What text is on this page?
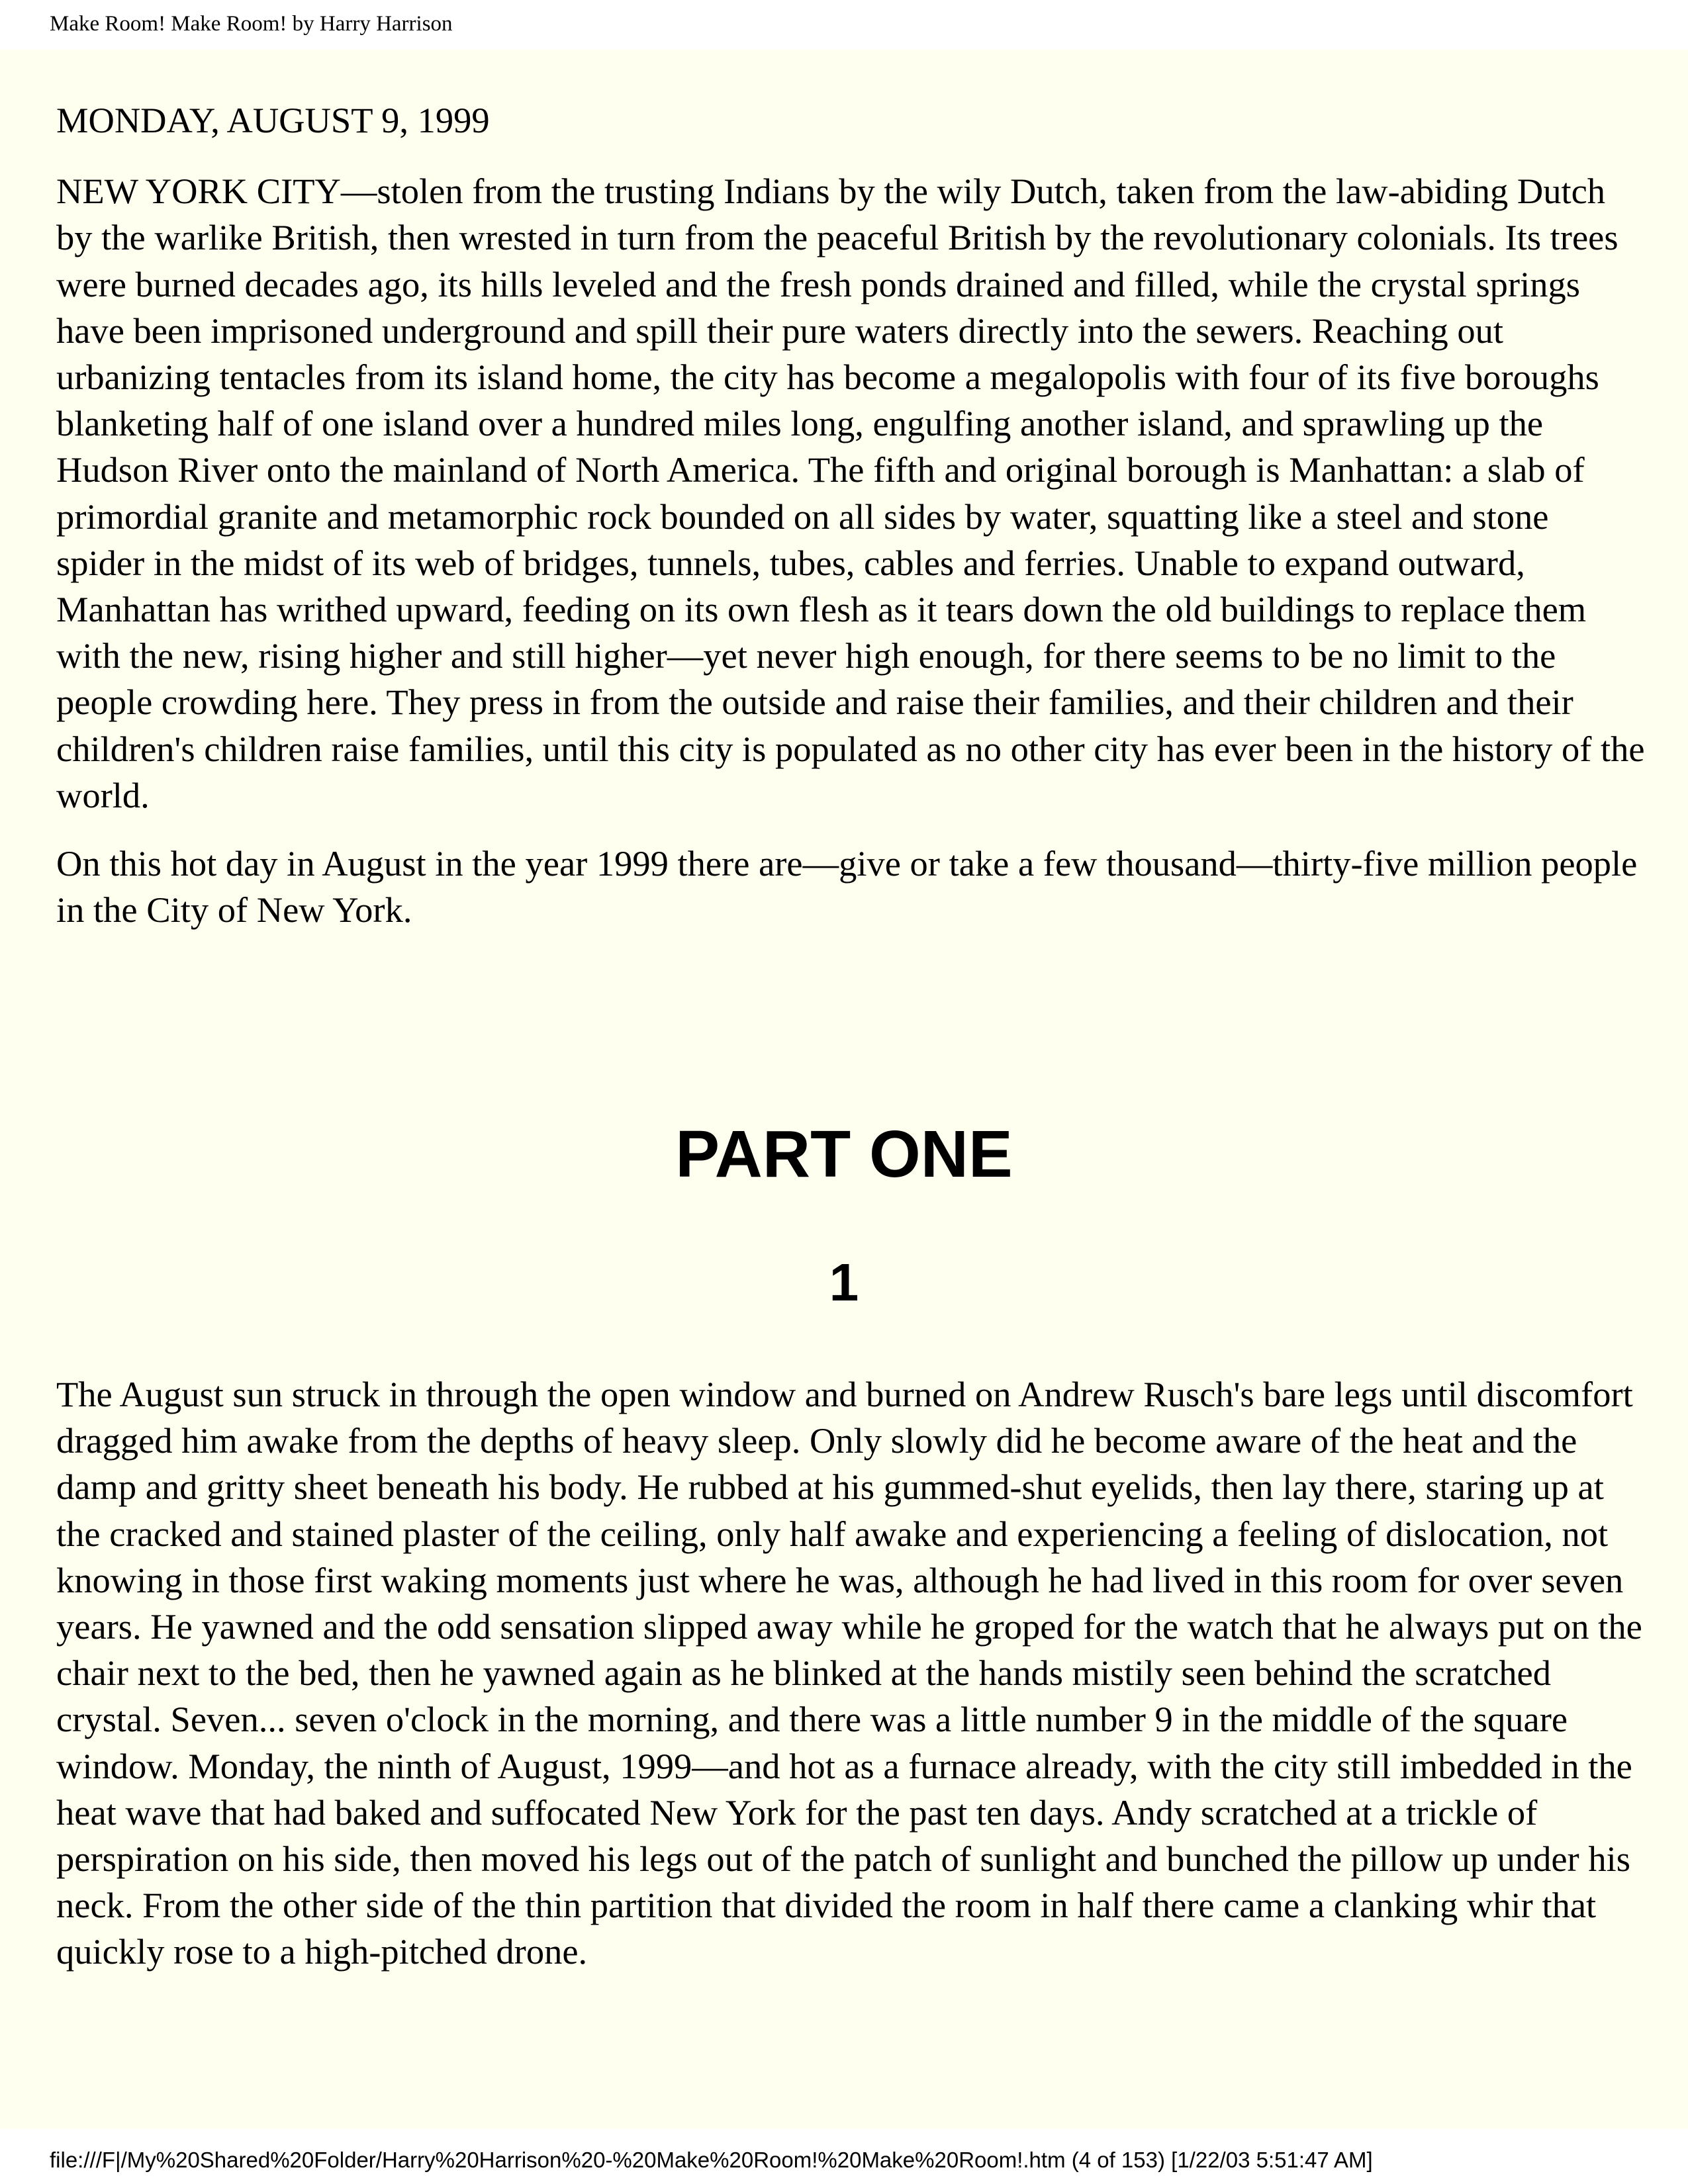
Make Room! Make Room! by Harry Harrison

MONDAY, AUGUST 9, 1999

NEW YORK CITY—stolen from the trusting Indians by the wily Dutch, taken from the law-abiding Dutch by the warlike British, then wrested in turn from the peaceful British by the revolutionary colonials. Its trees were burned decades ago, its hills leveled and the fresh ponds drained and filled, while the crystal springs have been imprisoned underground and spill their pure waters directly into the sewers. Reaching out urbanizing tentacles from its island home, the city has become a megalopolis with four of its five boroughs blanketing half of one island over a hundred miles long, engulfing another island, and sprawling up the Hudson River onto the mainland of North America. The fifth and original borough is Manhattan: a slab of primordial granite and metamorphic rock bounded on all sides by water, squatting like a steel and stone spider in the midst of its web of bridges, tunnels, tubes, cables and ferries. Unable to expand outward, Manhattan has writhed upward, feeding on its own flesh as it tears down the old buildings to replace them with the new, rising higher and still higher—yet never high enough, for there seems to be no limit to the people crowding here. They press in from the outside and raise their families, and their children and their children's children raise families, until this city is populated as no other city has ever been in the history of the world.

On this hot day in August in the year 1999 there are—give or take a few thousand—thirty-five million people in the City of New York.

PART ONE
1

The August sun struck in through the open window and burned on Andrew Rusch's bare legs until discomfort dragged him awake from the depths of heavy sleep. Only slowly did he become aware of the heat and the damp and gritty sheet beneath his body. He rubbed at his gummed-shut eyelids, then lay there, staring up at the cracked and stained plaster of the ceiling, only half awake and experiencing a feeling of dislocation, not knowing in those first waking moments just where he was, although he had lived in this room for over seven years. He yawned and the odd sensation slipped away while he groped for the watch that he always put on the chair next to the bed, then he yawned again as he blinked at the hands mistily seen behind the scratched crystal. Seven... seven o'clock in the morning, and there was a little number 9 in the middle of the square window. Monday, the ninth of August, 1999—and hot as a furnace already, with the city still imbedded in the heat wave that had baked and suffocated New York for the past ten days. Andy scratched at a trickle of perspiration on his side, then moved his legs out of the patch of sunlight and bunched the pillow up under his neck. From the other side of the thin partition that divided the room in half there came a clanking whir that quickly rose to a high-pitched drone.

file:///F|/My%20Shared%20Folder/Harry%20Harrison%20-%20Make%20Room!%20Make%20Room!.htm (4 of 153) [1/22/03 5:51:47 AM]
